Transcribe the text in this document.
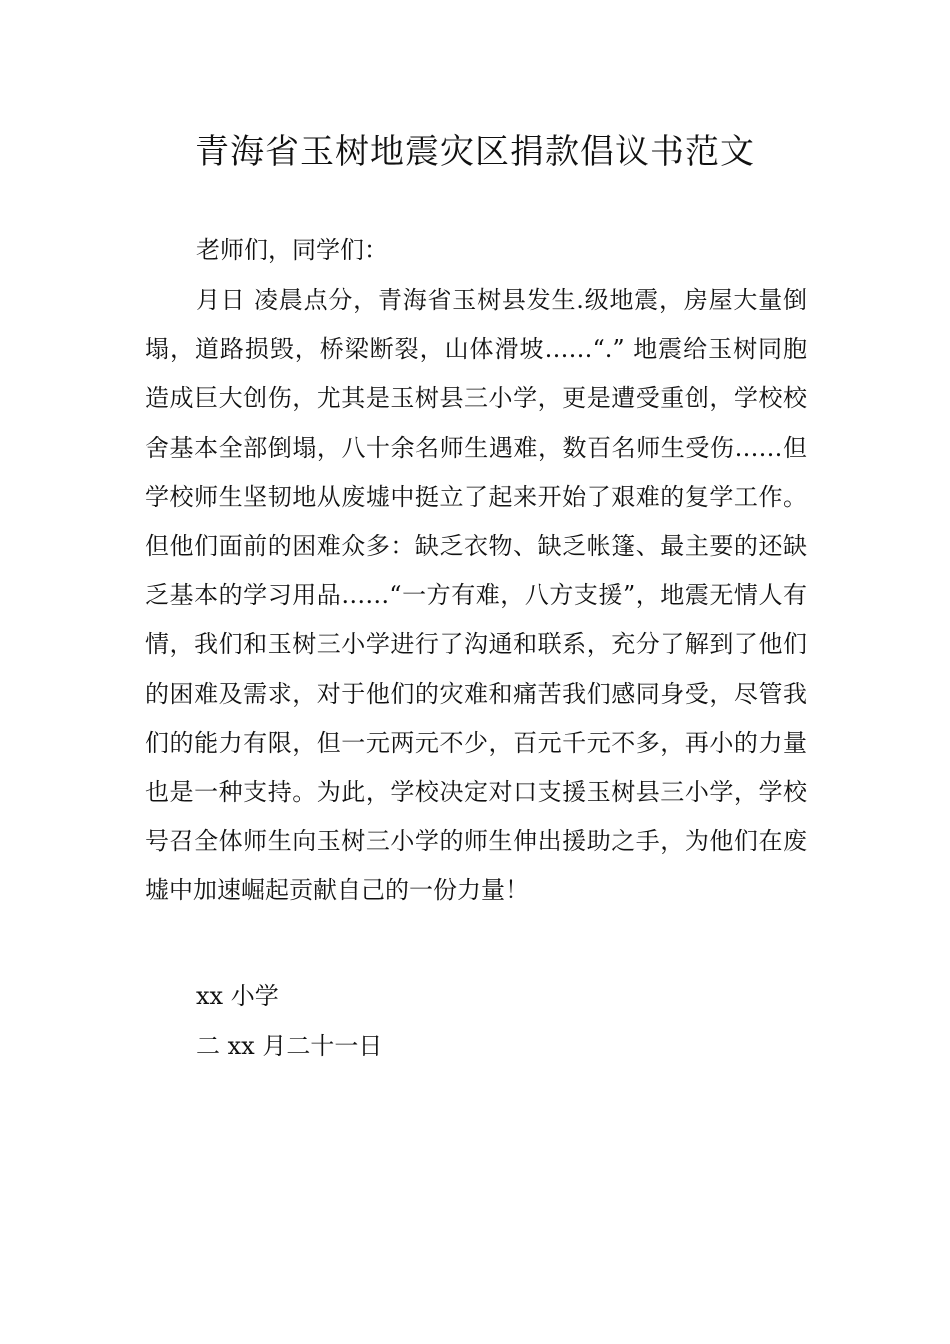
青海省玉树地震灾区捐款倡议书范文

老师们，同学们：

月日 凌晨点分，青海省玉树县发生.级地震，房屋大量倒塌，道路损毁，桥梁断裂，山体滑坡……“.” 地震给玉树同胞造成巨大创伤，尤其是玉树县三小学，更是遭受重创，学校校舍基本全部倒塌，八十余名师生遇难，数百名师生受伤……但学校师生坚韧地从废墟中挺立了起来开始了艰难的复学工作。但他们面前的困难众多：缺乏衣物、缺乏帐篷、最主要的还缺乏基本的学习用品……“一方有难，八方支援”，地震无情人有情，我们和玉树三小学进行了沟通和联系，充分了解到了他们的困难及需求，对于他们的灾难和痛苦我们感同身受，尽管我们的能力有限，但一元两元不少，百元千元不多，再小的力量也是一种支持。为此，学校决定对口支援玉树县三小学，学校号召全体师生向玉树三小学的师生伸出援助之手，为他们在废墟中加速崛起贡献自己的一份力量！

xx 小学

二 xx 月二十一日
